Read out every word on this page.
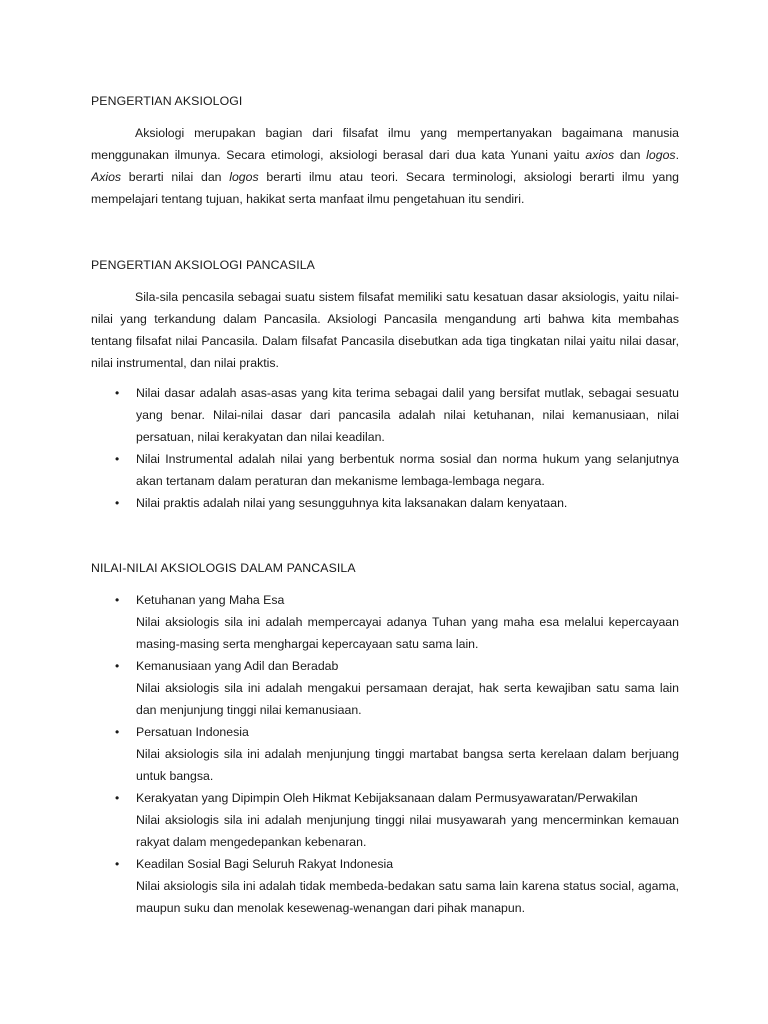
PENGERTIAN AKSIOLOGI
Aksiologi merupakan bagian dari filsafat ilmu yang mempertanyakan bagaimana manusia
menggunakan ilmunya. Secara etimologi, aksiologi berasal dari dua kata Yunani yaitu axios dan logos.
Axios berarti nilai dan logos berarti ilmu atau teori. Secara terminologi, aksiologi berarti ilmu yang
mempelajari tentang tujuan, hakikat serta manfaat ilmu pengetahuan itu sendiri.
PENGERTIAN AKSIOLOGI PANCASILA
Sila-sila pencasila sebagai suatu sistem filsafat memiliki satu kesatuan dasar aksiologis, yaitu nilai-
nilai yang terkandung dalam Pancasila. Aksiologi Pancasila mengandung arti bahwa kita membahas
tentang filsafat nilai Pancasila. Dalam filsafat Pancasila disebutkan ada tiga tingkatan nilai yaitu nilai dasar,
nilai instrumental, dan nilai praktis.
• Nilai dasar adalah asas-asas yang kita terima sebagai dalil yang bersifat mutlak, sebagai sesuatu
yang benar. Nilai-nilai dasar dari pancasila adalah nilai ketuhanan, nilai kemanusiaan, nilai
persatuan, nilai kerakyatan dan nilai keadilan.
• Nilai Instrumental adalah nilai yang berbentuk norma sosial dan norma hukum yang selanjutnya
akan tertanam dalam peraturan dan mekanisme lembaga-lembaga negara.
• Nilai praktis adalah nilai yang sesungguhnya kita laksanakan dalam kenyataan.
NILAI-NILAI AKSIOLOGIS DALAM PANCASILA
• Ketuhanan yang Maha Esa
Nilai aksiologis sila ini adalah mempercayai adanya Tuhan yang maha esa melalui kepercayaan
masing-masing serta menghargai kepercayaan satu sama lain.
• Kemanusiaan yang Adil dan Beradab
Nilai aksiologis sila ini adalah mengakui persamaan derajat, hak serta kewajiban satu sama lain
dan menjunjung tinggi nilai kemanusiaan.
• Persatuan Indonesia
Nilai aksiologis sila ini adalah menjunjung tinggi martabat bangsa serta kerelaan dalam berjuang
untuk bangsa.
• Kerakyatan yang Dipimpin Oleh Hikmat Kebijaksanaan dalam Permusyawaratan/Perwakilan
Nilai aksiologis sila ini adalah menjunjung tinggi nilai musyawarah yang mencerminkan kemauan
rakyat dalam mengedepankan kebenaran.
• Keadilan Sosial Bagi Seluruh Rakyat Indonesia
Nilai aksiologis sila ini adalah tidak membeda-bedakan satu sama lain karena status social, agama,
maupun suku dan menolak kesewenag-wenangan dari pihak manapun.
